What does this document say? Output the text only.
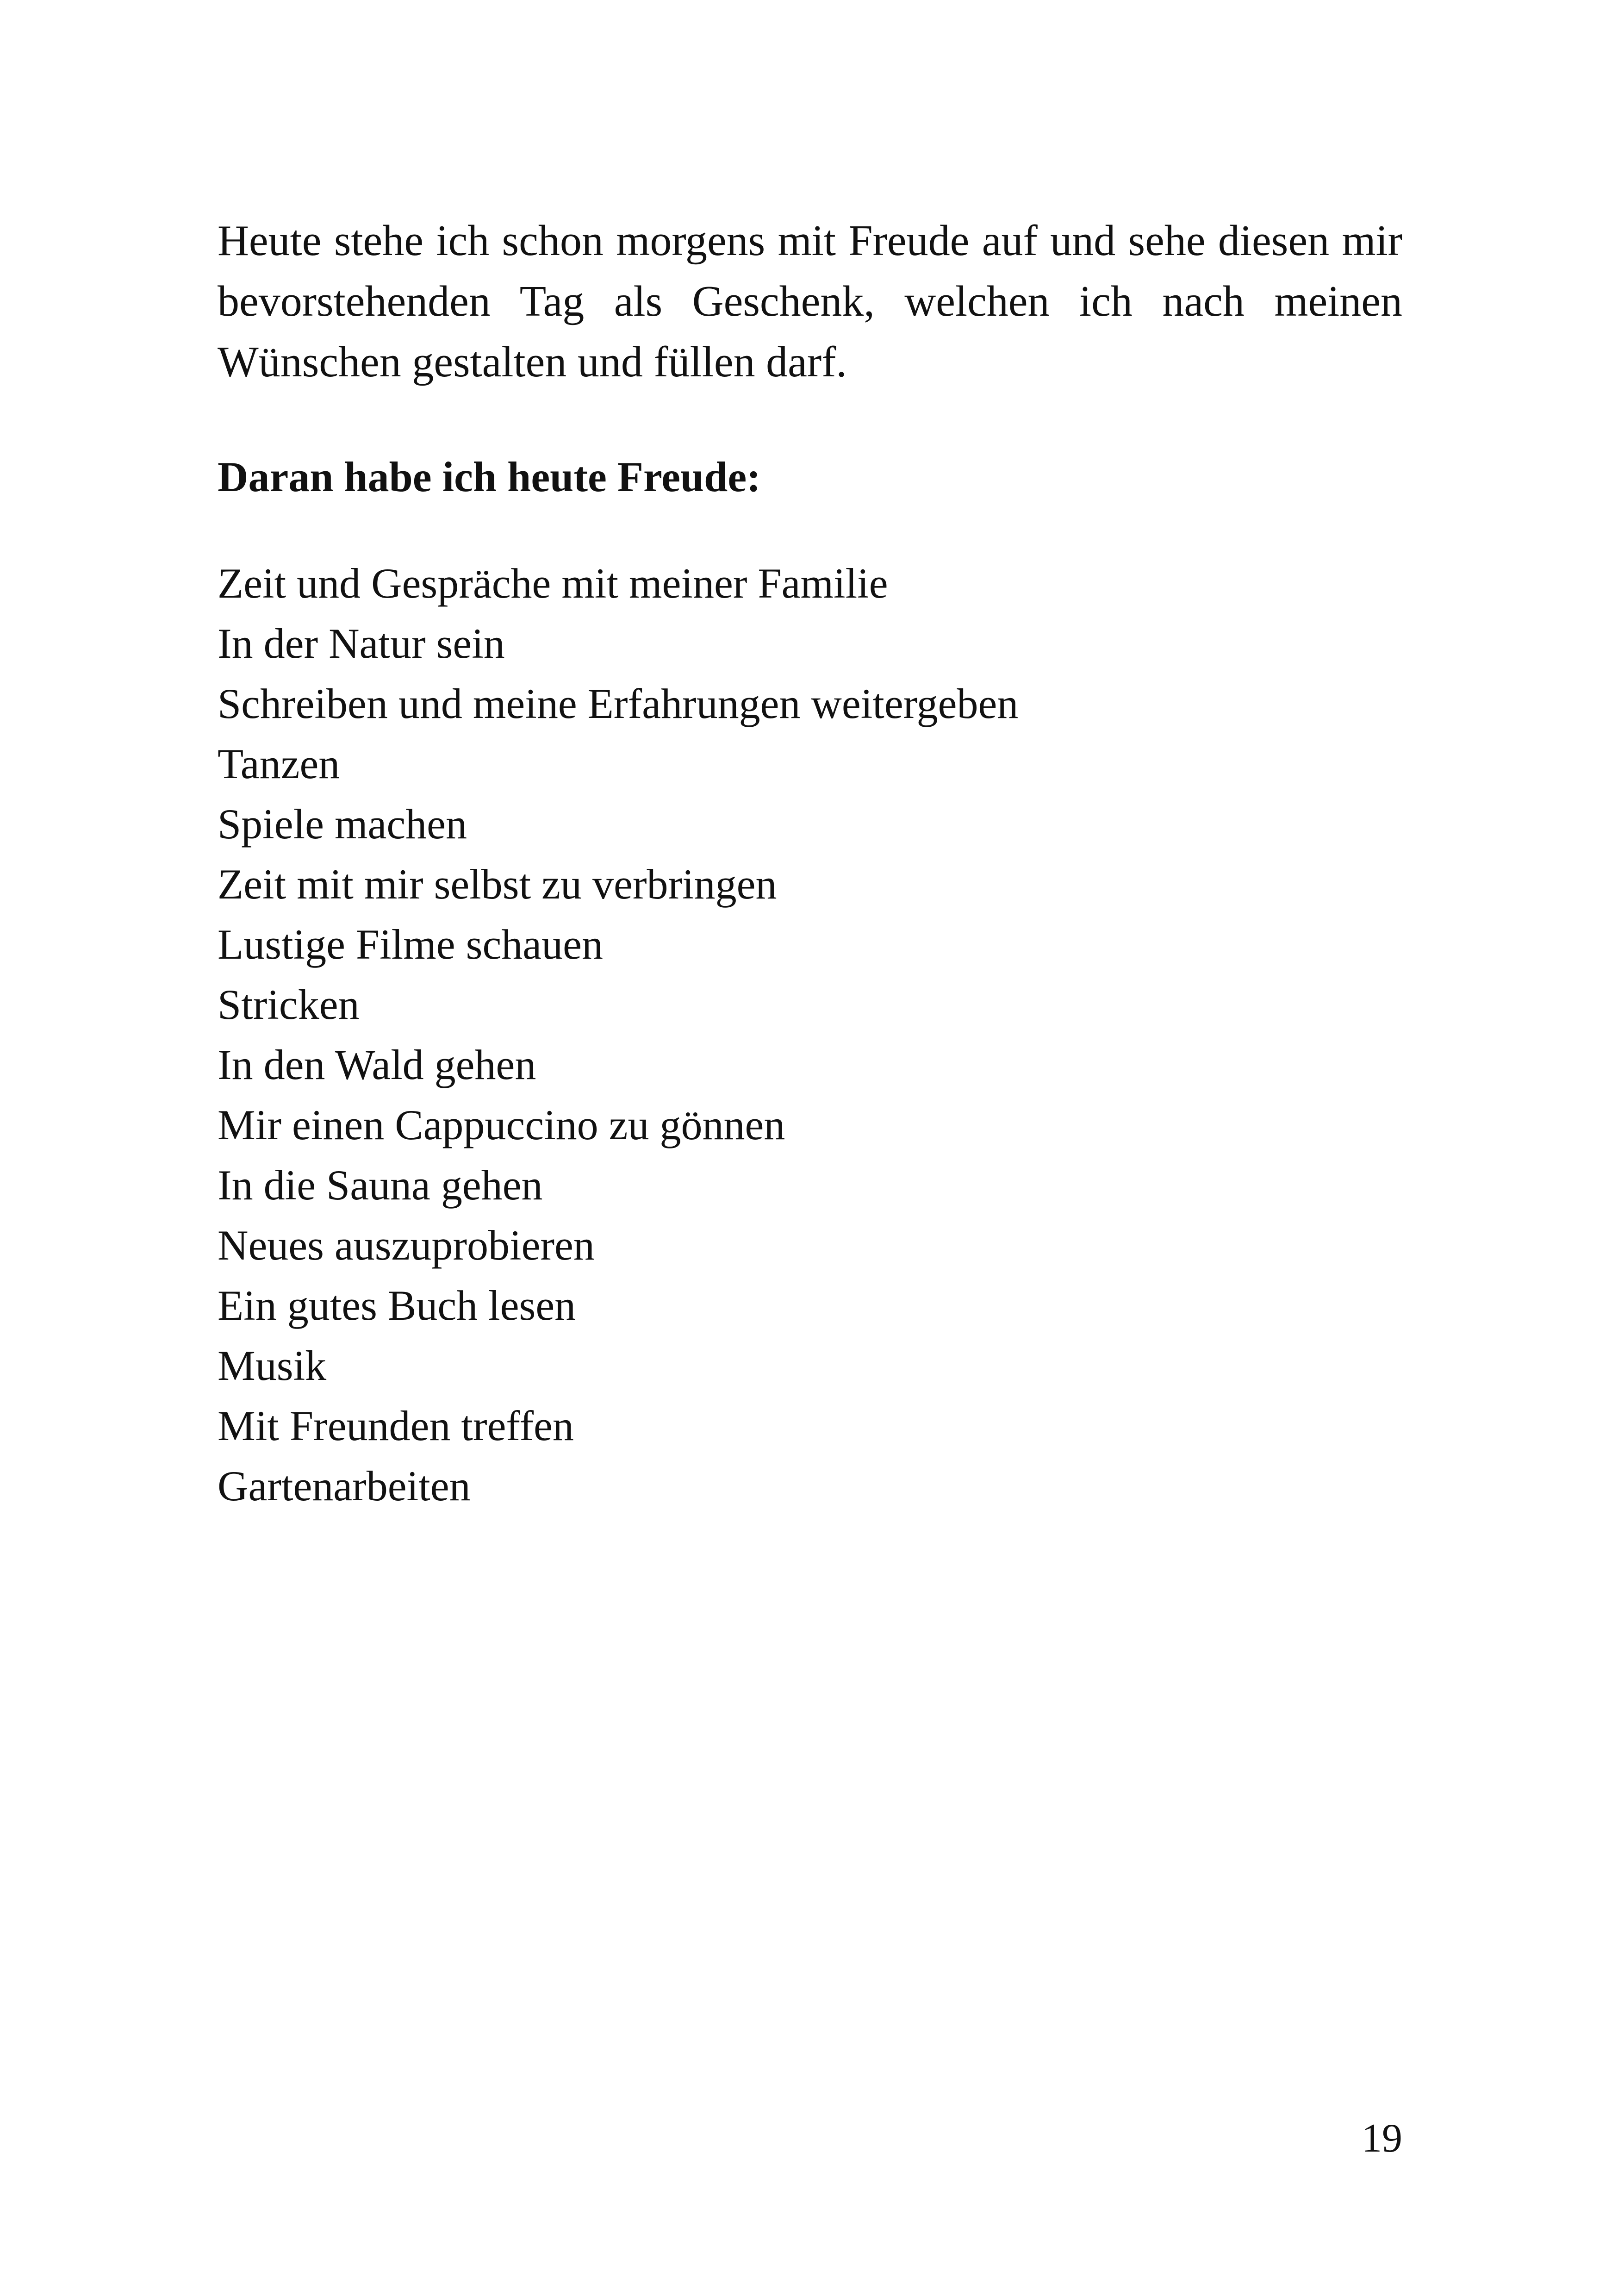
Heute stehe ich schon morgens mit Freude auf und sehe diesen mir bevorstehenden Tag als Geschenk, welchen ich nach meinen Wünschen gestalten und füllen darf.

Daran habe ich heute Freude:
Zeit und Gespräche mit meiner Familie
In der Natur sein
Schreiben und meine Erfahrungen weitergeben
Tanzen
Spiele machen
Zeit mit mir selbst zu verbringen
Lustige Filme schauen
Stricken
In den Wald gehen
Mir einen Cappuccino zu gönnen
In die Sauna gehen
Neues auszuprobieren
Ein gutes Buch lesen
Musik
Mit Freunden treffen
Gartenarbeiten
19
